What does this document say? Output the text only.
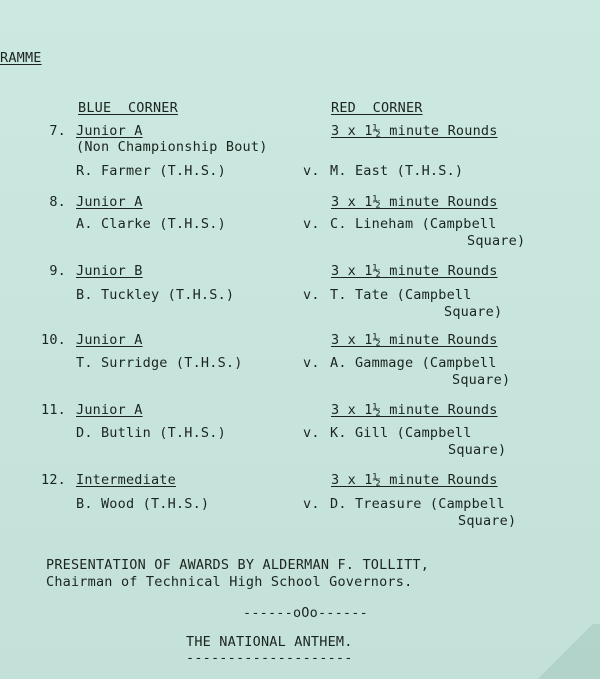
RAMME
BLUE  CORNER	RED  CORNER
7. Junior A	3 x 1½ minute Rounds
(Non Championship Bout)
R. Farmer (T.H.S.)	v. M. East (T.H.S.)
8. Junior A	3 x 1½ minute Rounds
A. Clarke (T.H.S.)	v. C. Lineham (Campbell
Square)
9. Junior B	3 x 1½ minute Rounds
B. Tuckley (T.H.S.)	v. T. Tate (Campbell
Square)
10. Junior A	3 x 1½ minute Rounds
T. Surridge (T.H.S.)	v. A. Gammage (Campbell
Square)
11. Junior A	3 x 1½ minute Rounds
D. Butlin (T.H.S.)	v. K. Gill (Campbell
Square)
12. Intermediate	3 x 1½ minute Rounds
B. Wood (T.H.S.)	v. D. Treasure (Campbell
Square)
PRESENTATION OF AWARDS BY ALDERMAN F. TOLLITT,
Chairman of Technical High School Governors.
------oOo------
THE NATIONAL ANTHEM.
--------------------
